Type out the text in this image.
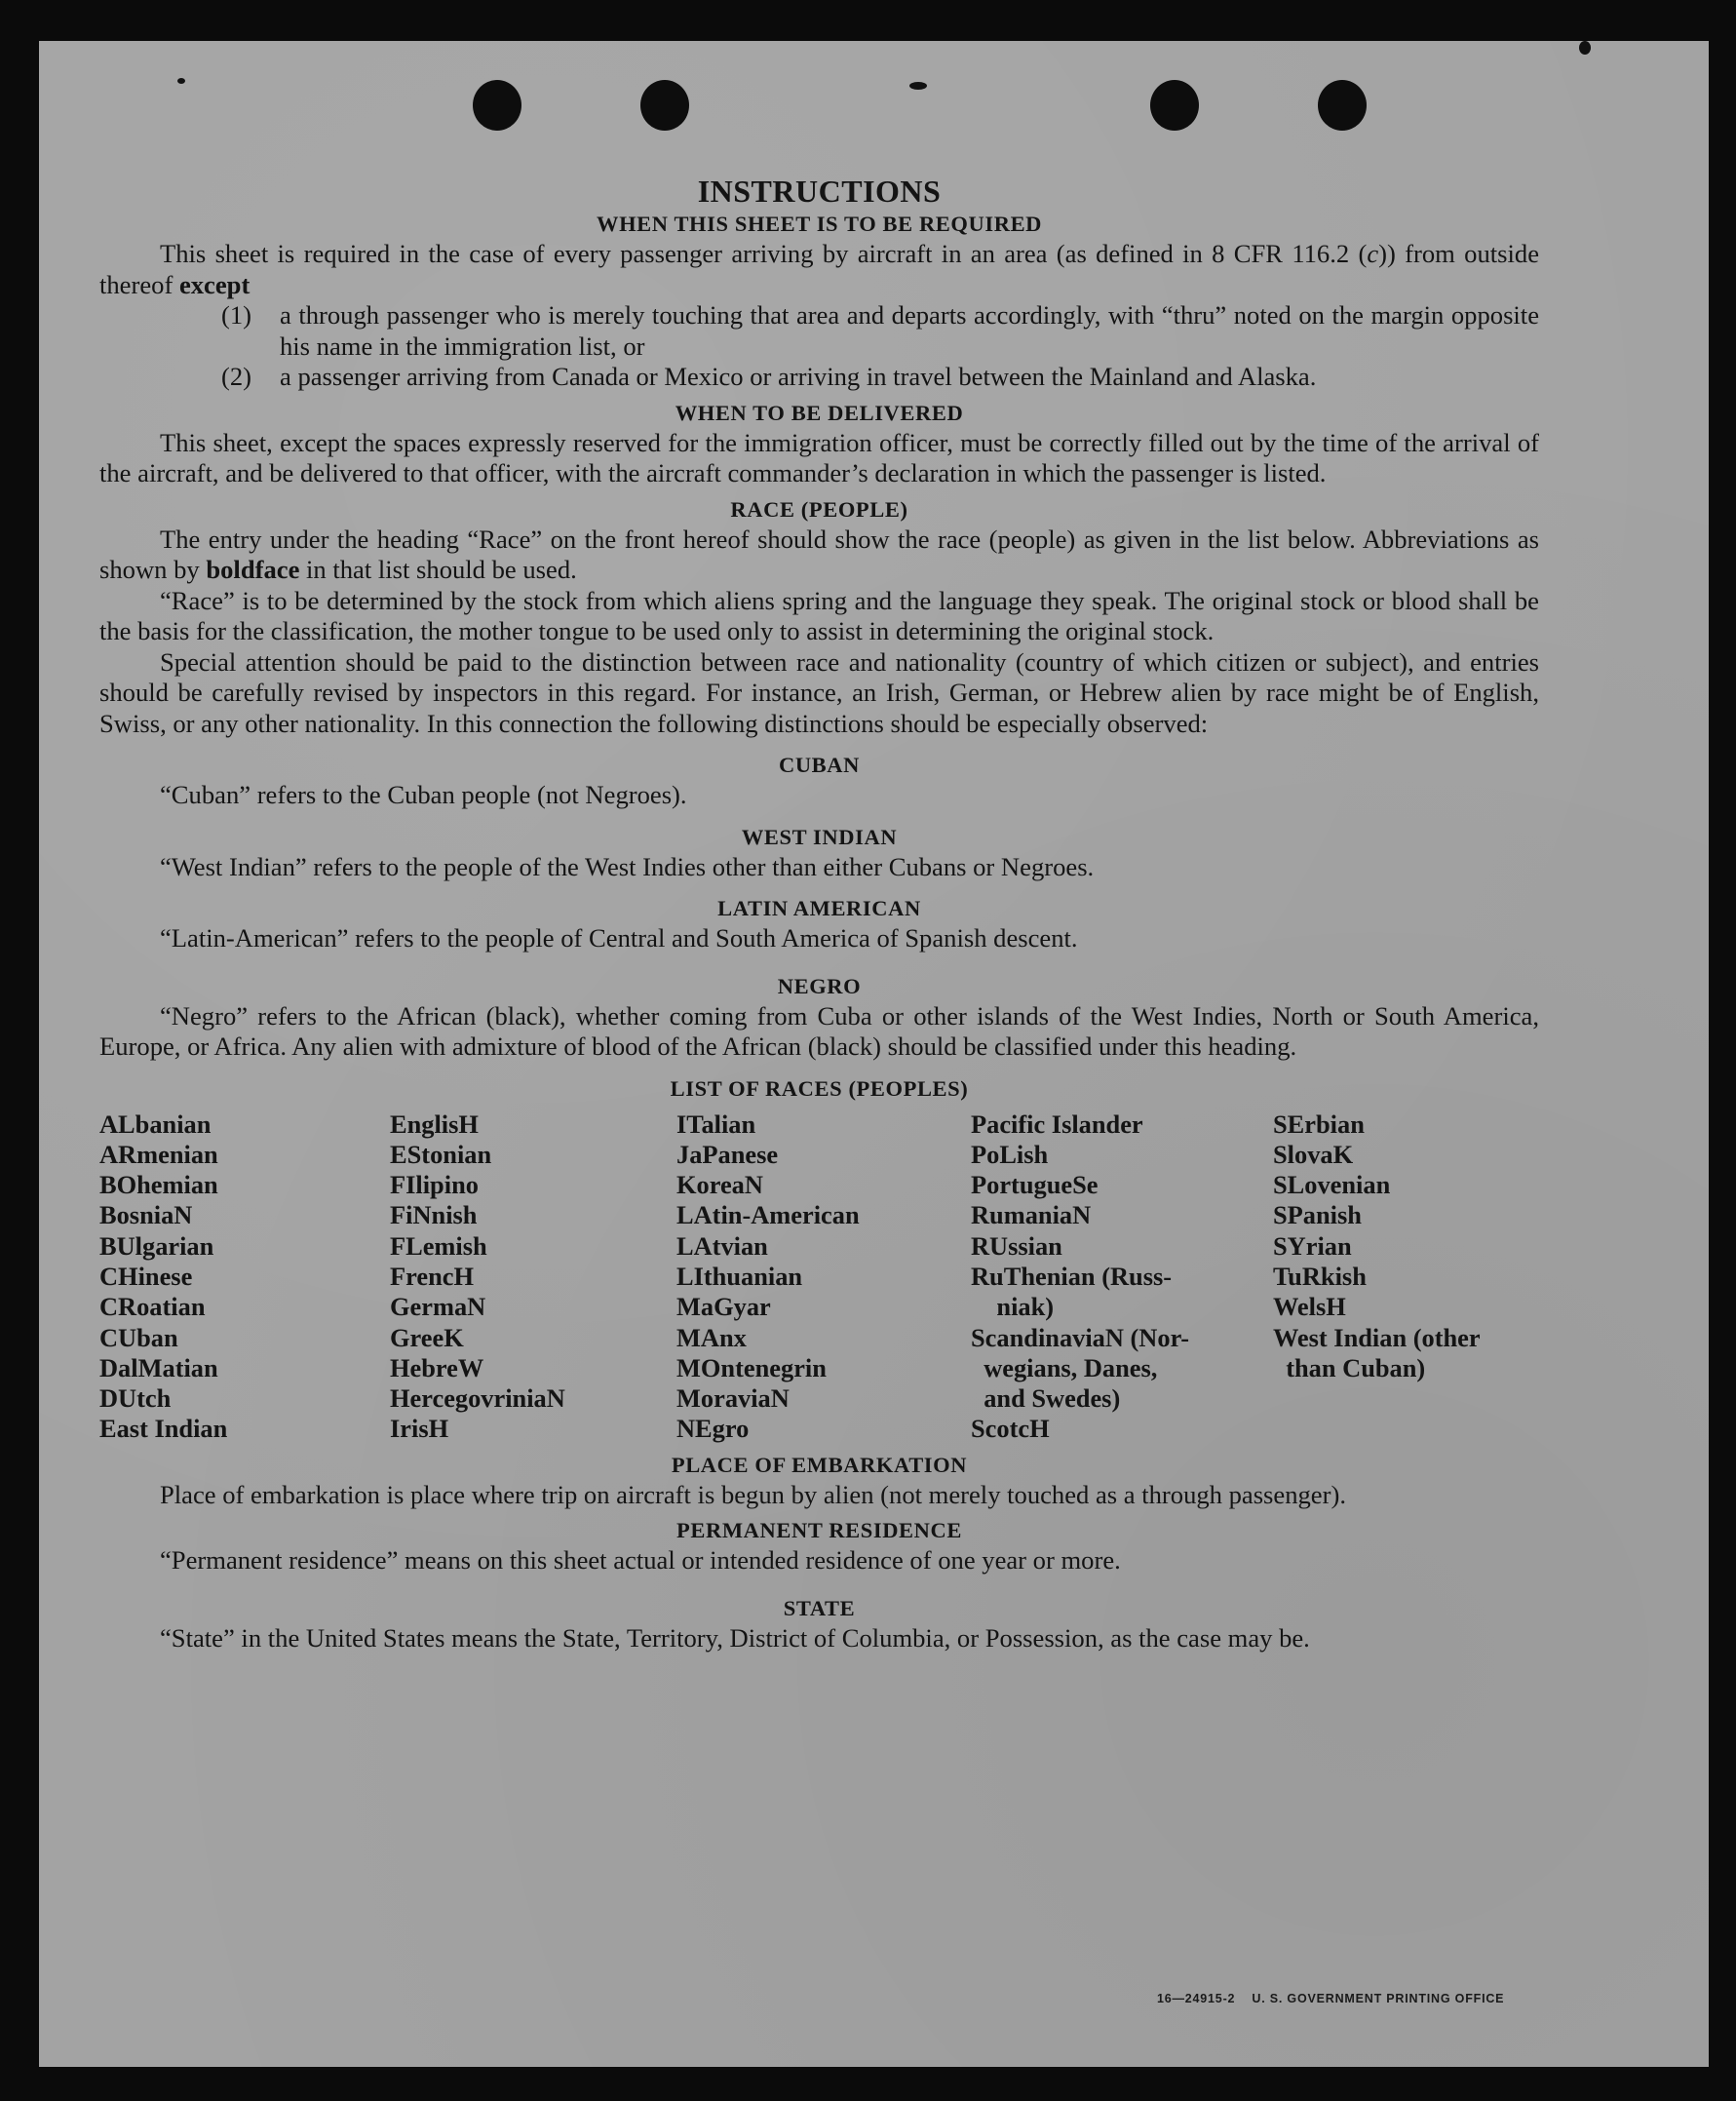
INSTRUCTIONS

WHEN THIS SHEET IS TO BE REQUIRED

This sheet is required in the case of every passenger arriving by aircraft in an area (as defined in 8 CFR 116.2 (c)) from outside thereof except

(1)	a through passenger who is merely touching that area and departs accordingly, with “thru” noted on the margin opposite his name in the immigration list, or
(2)	a passenger arriving from Canada or Mexico or arriving in travel between the Mainland and Alaska.

WHEN TO BE DELIVERED

This sheet, except the spaces expressly reserved for the immigration officer, must be correctly filled out by the time of the arrival of the aircraft, and be delivered to that officer, with the aircraft commander’s declaration in which the passenger is listed.

RACE (PEOPLE)

The entry under the heading “Race” on the front hereof should show the race (people) as given in the list below. Abbreviations as shown by boldface in that list should be used.

“Race” is to be determined by the stock from which aliens spring and the language they speak. The original stock or blood shall be the basis for the classification, the mother tongue to be used only to assist in determining the original stock.

Special attention should be paid to the distinction between race and nationality (country of which citizen or subject), and entries should be carefully revised by inspectors in this regard. For instance, an Irish, German, or Hebrew alien by race might be of English, Swiss, or any other nationality. In this connection the following distinctions should be especially observed:

CUBAN

“Cuban” refers to the Cuban people (not Negroes).

WEST INDIAN

“West Indian” refers to the people of the West Indies other than either Cubans or Negroes.

LATIN AMERICAN

“Latin-American” refers to the people of Central and South America of Spanish descent.

NEGRO

“Negro” refers to the African (black), whether coming from Cuba or other islands of the West Indies, North or South America, Europe, or Africa. Any alien with admixture of blood of the African (black) should be classified under this heading.

LIST OF RACES (PEOPLES)

ALbanian
ARmenian
BOhemian
BosniaN
BUlgarian
CHinese
CRoatian
CUban
DalMatian
DUtch
East Indian
EnglisH
EStonian
FIlipino
FiNnish
FLemish
FrencH
GermaN
GreeK
HebreW
HercegovriniaN
IrisH
ITalian
JaPanese
KoreaN
LAtin-American
LAtvian
LIthuanian
MaGyar
MAnx
MOntenegrin
MoraviaN
NEgro
Pacific Islander
PoLish
PortugueSe
RumaniaN
RUssian
RuThenian (Russ-
niak)
ScandinaviaN (Nor-
wegians, Danes,
and Swedes)
ScotcH
SErbian
SlovaK
SLovenian
SPanish
SYrian
TuRkish
WelsH
West Indian (other
than Cuban)

PLACE OF EMBARKATION

Place of embarkation is place where trip on aircraft is begun by alien (not merely touched as a through passenger).

PERMANENT RESIDENCE

“Permanent residence” means on this sheet actual or intended residence of one year or more.

STATE

“State” in the United States means the State, Territory, District of Columbia, or Possession, as the case may be.

16—24915-2    U. S. GOVERNMENT PRINTING OFFICE
